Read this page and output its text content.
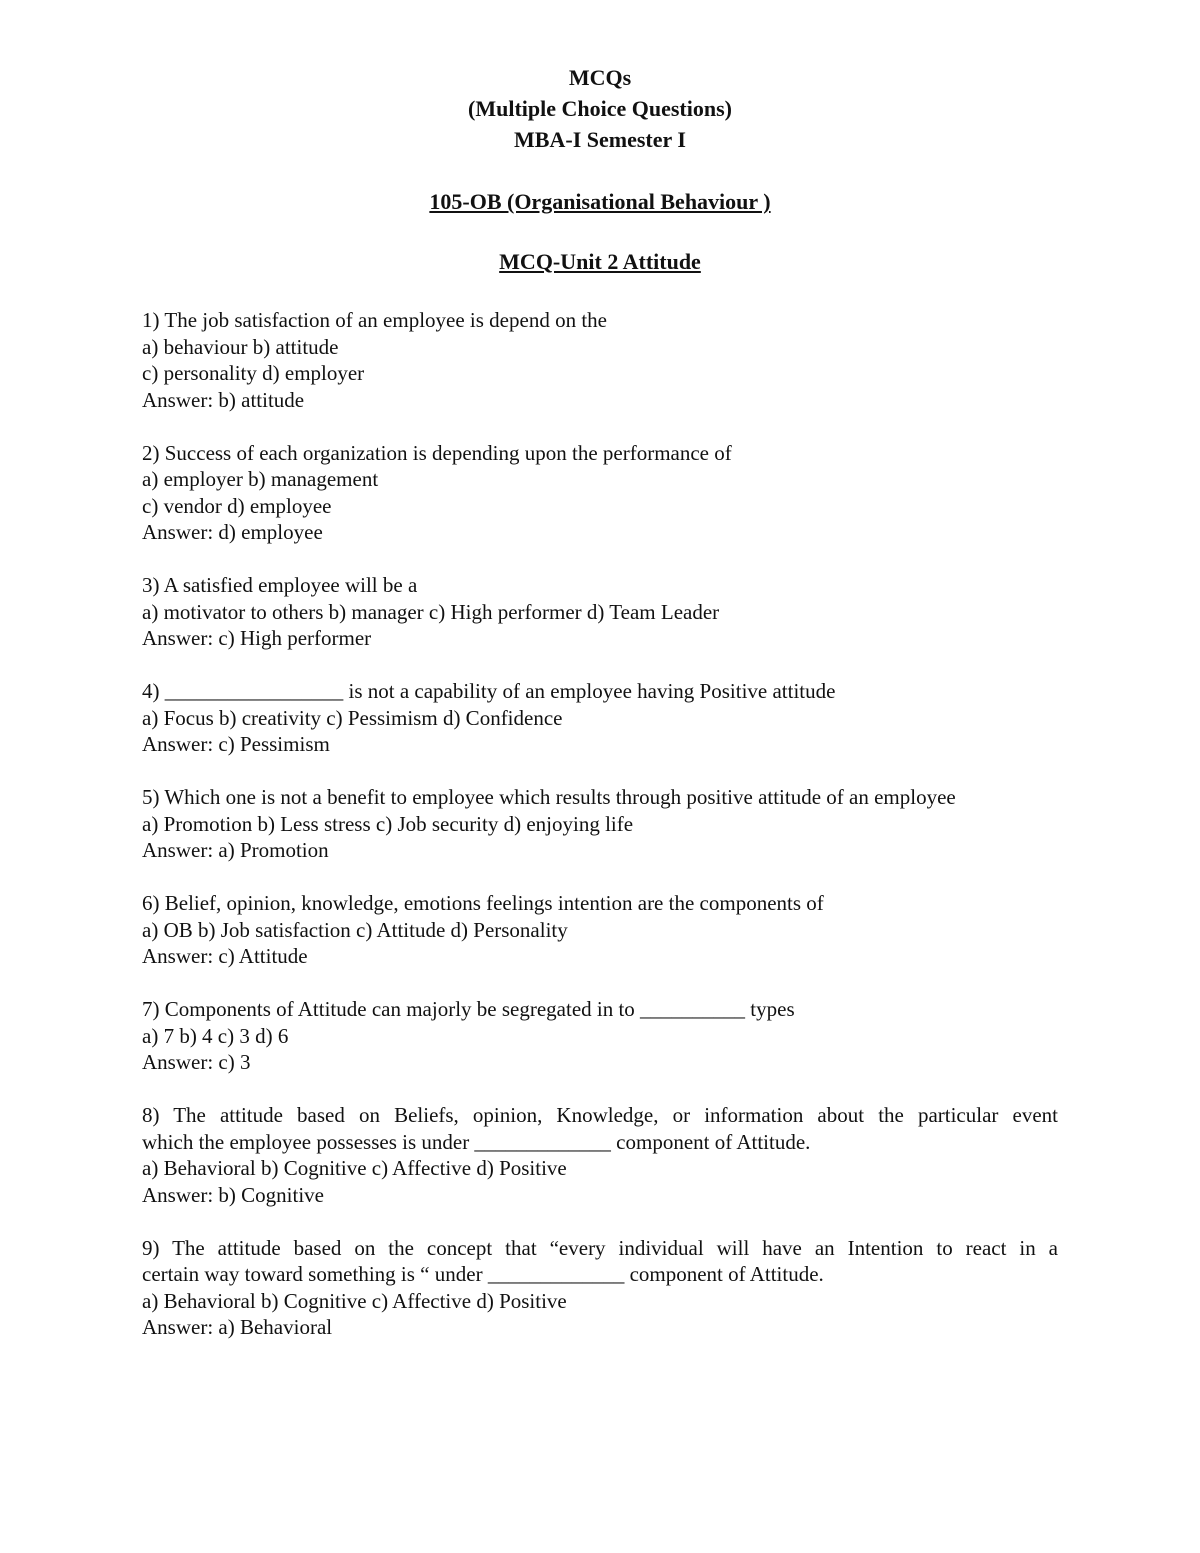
MCQs
(Multiple Choice Questions)
MBA-I Semester I
105-OB (Organisational Behaviour )
MCQ-Unit 2 Attitude
1) The job satisfaction of an employee is depend on the
a) behaviour b) attitude
c) personality d) employer
Answer: b) attitude
2) Success of each organization is depending upon the performance of
a) employer b) management
c) vendor d) employee
Answer: d) employee
3) A satisfied employee will be a
a) motivator to others b) manager c) High performer d) Team Leader
Answer: c) High performer
4) _________________ is not a capability of an employee having Positive attitude
a) Focus b) creativity c) Pessimism d) Confidence
Answer: c) Pessimism
5) Which one is not a benefit to employee which results through positive attitude of an employee
a) Promotion b) Less stress c) Job security d) enjoying life
Answer: a) Promotion
6) Belief, opinion, knowledge, emotions feelings intention are the components of
a) OB b) Job satisfaction c) Attitude d) Personality
Answer: c) Attitude
7) Components of Attitude can majorly be segregated in to __________ types
a) 7 b) 4 c) 3 d) 6
Answer: c) 3
8) The attitude based on Beliefs, opinion, Knowledge, or information about the particular event
which the employee possesses is under _____________ component of Attitude.
a) Behavioral b) Cognitive c) Affective d) Positive
Answer: b) Cognitive
9) The attitude based on the concept that “every individual will have an Intention to react in a
certain way toward something is “ under _____________ component of Attitude.
a) Behavioral b) Cognitive c) Affective d) Positive
Answer: a) Behavioral
